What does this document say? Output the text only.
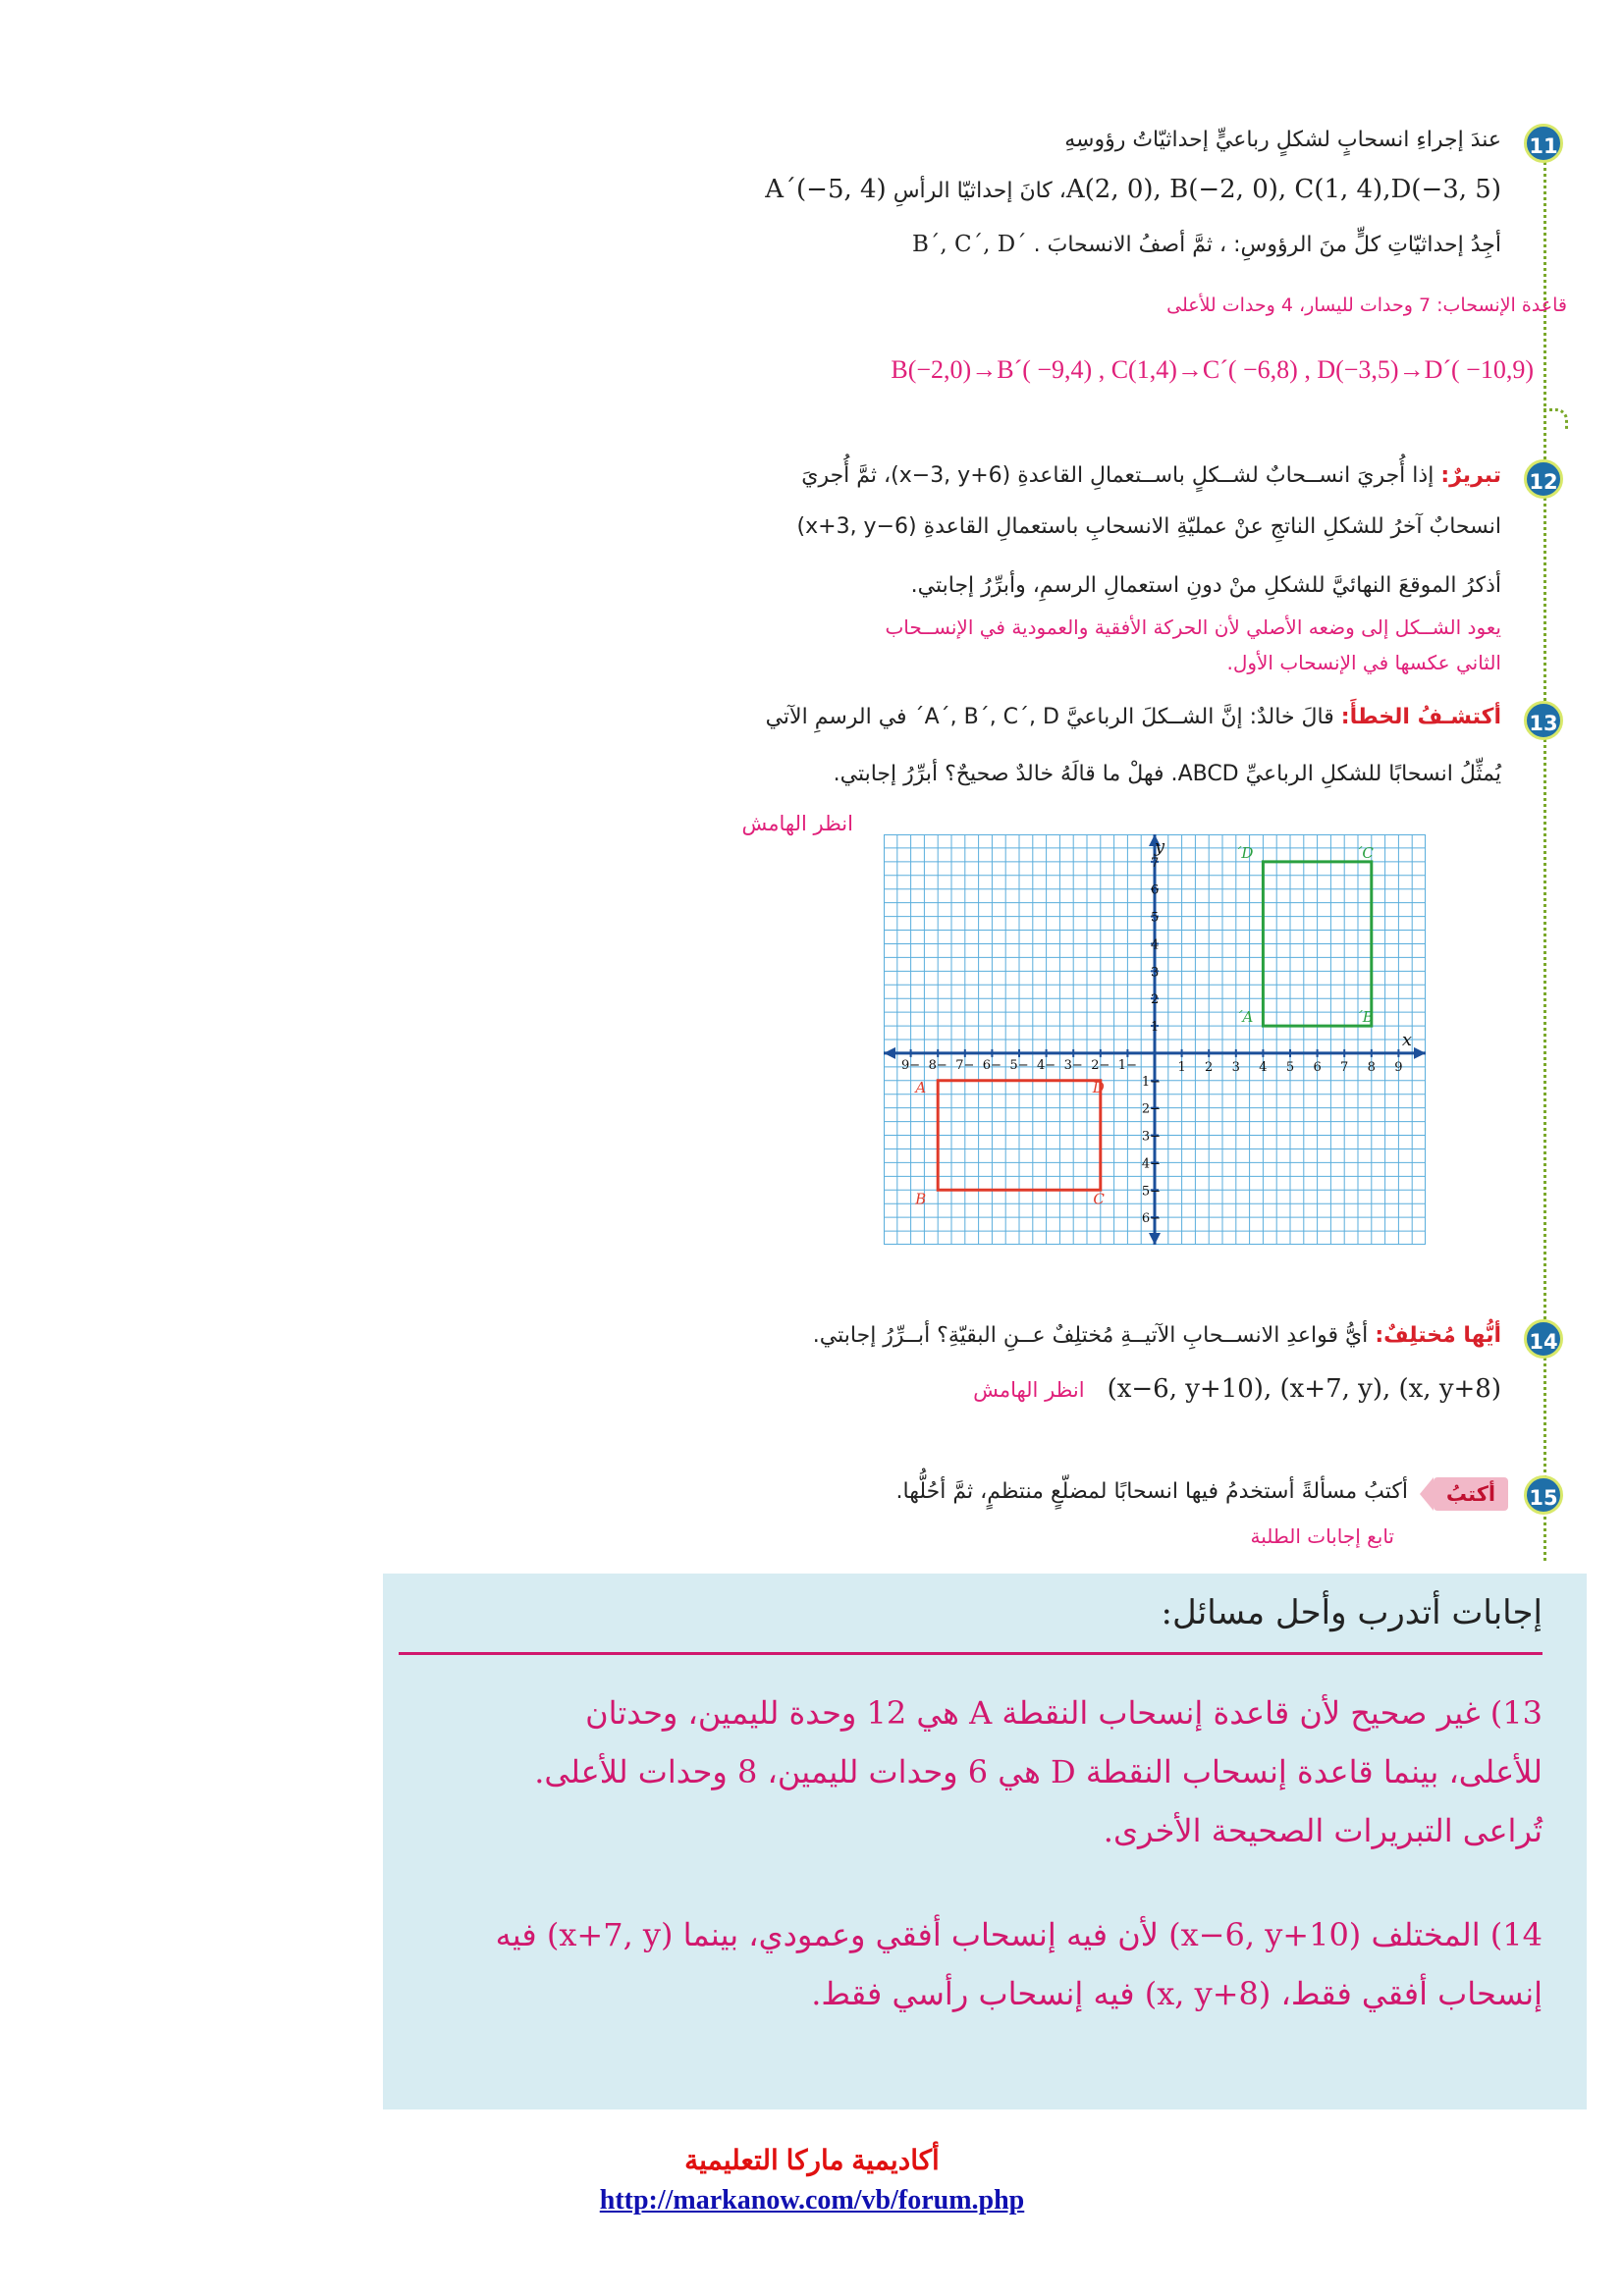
11
عندَ إجراءِ انسحابٍ لشكلٍ رباعيٍّ إحداثيّاتُ رؤوسِهِ
A(2, 0), B(−2, 0), C(1, 4),D(−3, 5)، كانَ إحداثيّا الرأسِ A´(−5, 4)
أجِدُ إحداثيّاتِ كلٍّ منَ الرؤوسِ: ، ثمَّ أصفُ الانسحابَ . B´, C´, D´
قاعدة الإنسحاب: 7 وحدات لليسار، 4 وحدات للأعلى
B(−2,0)→B´( −9,4) , C(1,4)→C´( −6,8) , D(−3,5)→D´( −10,9)
12
تبريرٌ: إذا أُجريَ انســحابٌ لشــكلٍ باســتعمالِ القاعدةِ (x−3, y+6)، ثمَّ أُجريَ
انسحابٌ آخرُ للشكلِ الناتجِ عنْ عمليّةِ الانسحابِ باستعمالِ القاعدةِ (x+3, y−6)
أذكرُ الموقعَ النهائيَّ للشكلِ منْ دونِ استعمالِ الرسمِ، وأبرِّرُ إجابتي.
يعود الشــكل إلى وضعه الأصلي لأن الحركة الأفقية والعمودية في الإنســحاب
الثاني عكسها في الإنسحاب الأول.
13
أكتشـفُ الخطأَ: قالَ خالدٌ: إنَّ الشــكلَ الرباعيَّ A´, B´, C´, D´ في الرسمِ الآتي
يُمثِّلُ انسحابًا للشكلِ الرباعيِّ ABCD. فهلْ ما قالَهُ خالدٌ صحيحٌ؟ أبرِّرُ إجابتي.
انظر الهامش
x
y
−9 −8 −7 −6 −5 −4 −3 −2 −1	1 2 3 4 5 6 7 8 9
−6
−5
−4
−3
−2
−1
1
2
3
4
5
6
7
A	D
C
B
A´	B´
C´
D´
14
أيُّها مُختلِفٌ: أيُّ قواعدِ الانســحابِ الآتيــةِ مُختلِفٌ عــنِ البقيّةِ؟ أبــرِّرُ إجابتي.
(x−6, y+10), (x+7, y), (x, y+8) انظر الهامش
15
أكتبُ
أكتبُ مسألةً أستخدمُ فيها انسحابًا لمضلّعٍ منتظمٍ، ثمَّ أحُلُّها.
تابع إجابات الطلبة
إجابات أتدرب وأحل مسائل:
13) غير صحيح لأن قاعدة إنسحاب النقطة A هي 12 وحدة لليمين، وحدتان
للأعلى، بينما قاعدة إنسحاب النقطة D هي 6 وحدات لليمين، 8 وحدات للأعلى.
تُراعى التبريرات الصحيحة الأخرى.
14) المختلف (x−6, y+10) لأن فيه إنسحاب أفقي وعمودي، بينما (x+7, y) فيه
إنسحاب أفقي فقط، (x, y+8) فيه إنسحاب رأسي فقط.
أكاديمية ماركا التعليمية
http://markanow.com/vb/forum.php
